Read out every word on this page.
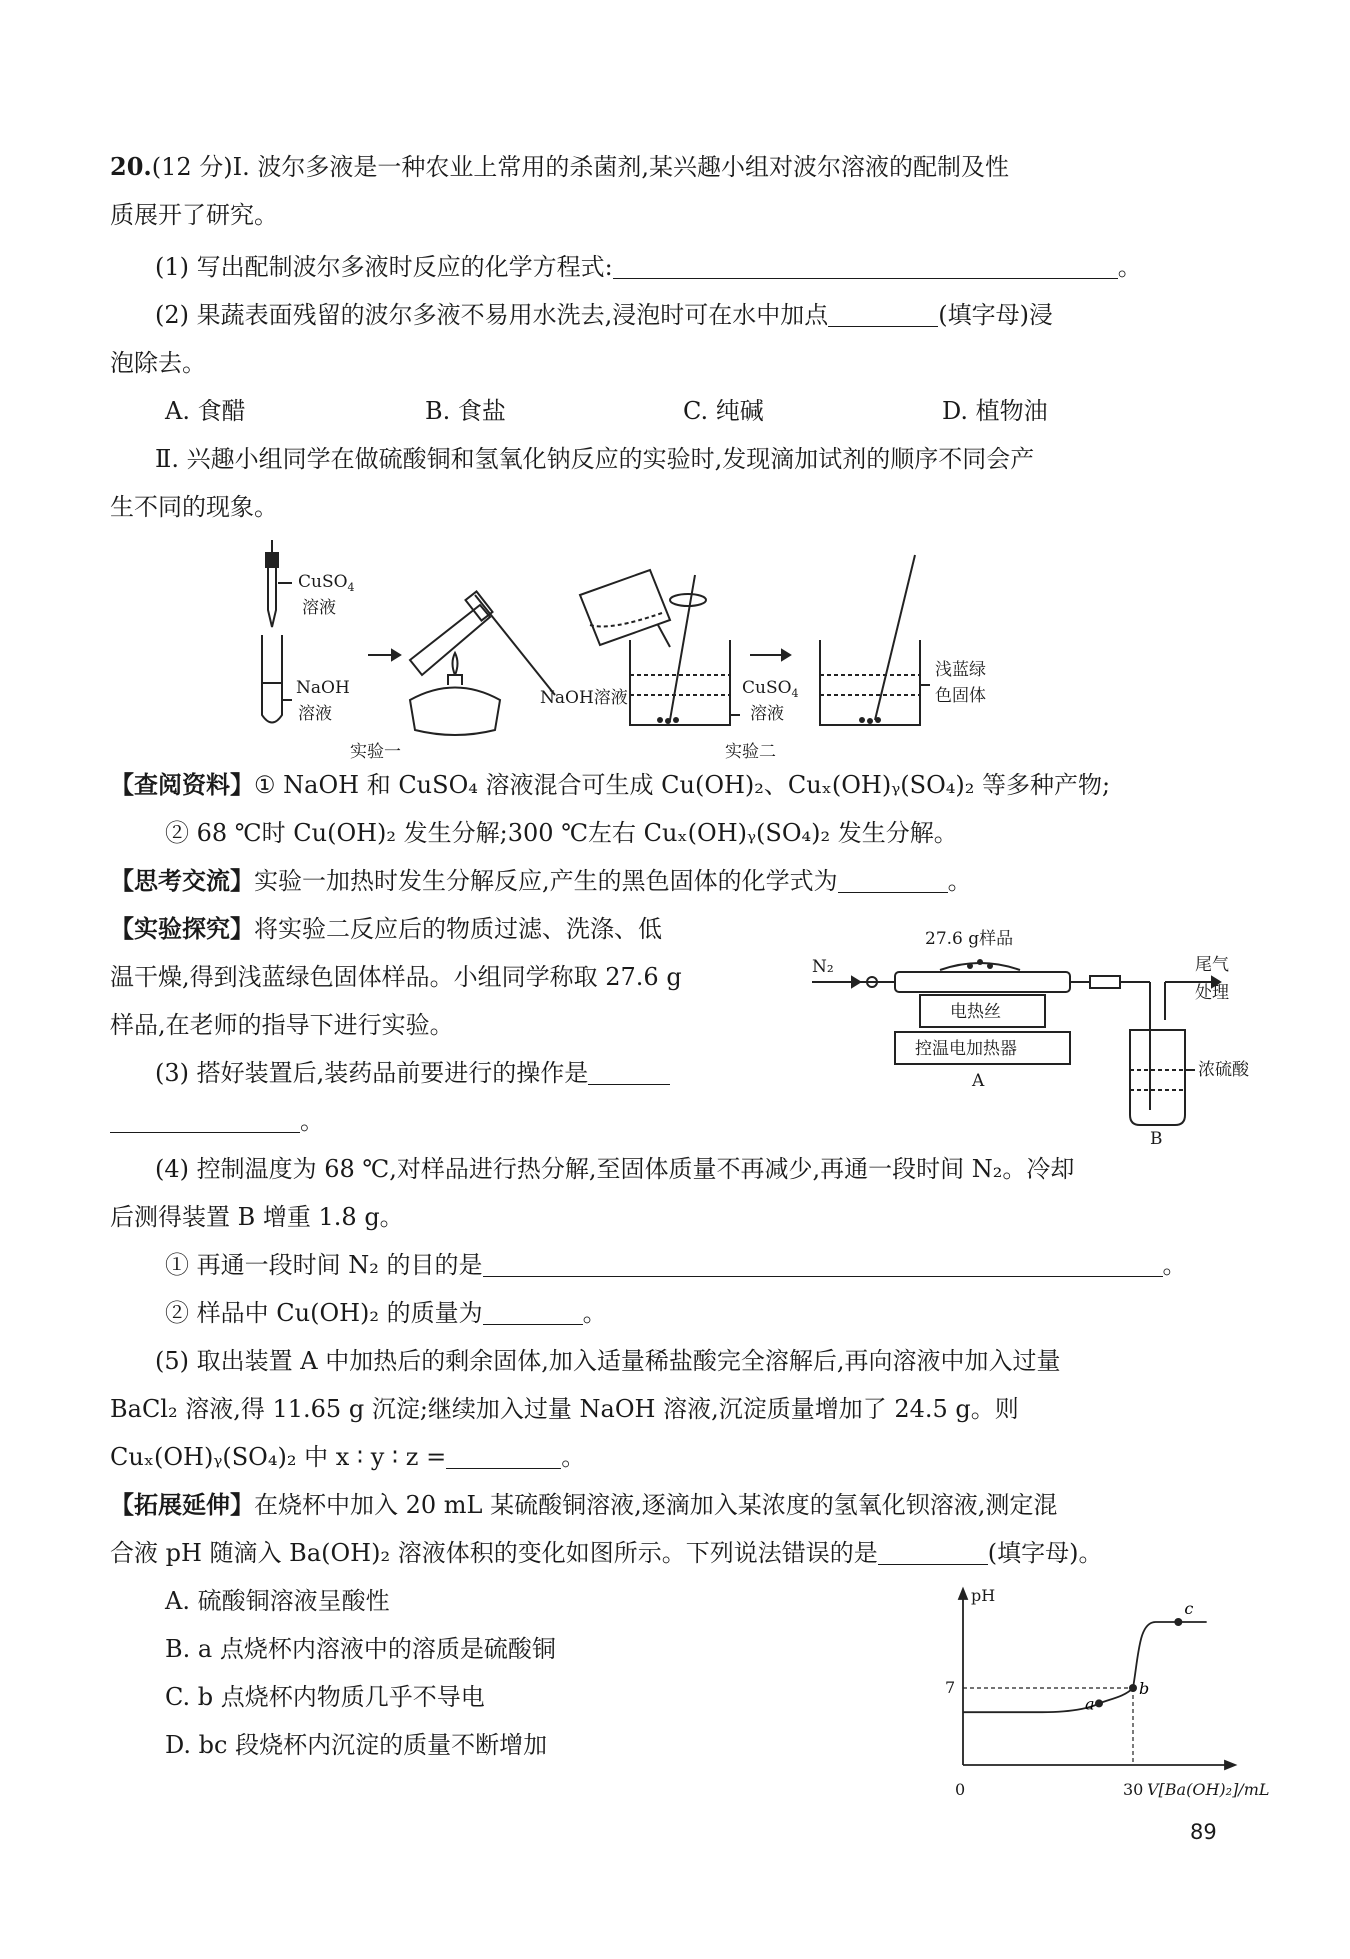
20.(12 分)Ⅰ. 波尔多液是一种农业上常用的杀菌剂,某兴趣小组对波尔溶液的配制及性
质展开了研究。
(1) 写出配制波尔多液时反应的化学方程式:	。
(2) 果蔬表面残留的波尔多液不易用水洗去,浸泡时可在水中加点	(填字母)浸
泡除去。
A. 食醋	B. 食盐	C. 纯碱	D. 植物油
Ⅱ. 兴趣小组同学在做硫酸铜和氢氧化钠反应的实验时,发现滴加试剂的顺序不同会产
生不同的现象。
CuSO$_4$
溶液
NaOH
溶液
实验一
NaOH溶液	CuSO$_4$
溶液
浅蓝绿
色固体
实验二
【查阅资料】① NaOH 和 CuSO₄ 溶液混合可生成 Cu(OH)₂、Cuₓ(OH)ᵧ(SO₄)₂ 等多种产物;
② 68 ℃时 Cu(OH)₂ 发生分解;300 ℃左右 Cuₓ(OH)ᵧ(SO₄)₂ 发生分解。
【思考交流】实验一加热时发生分解反应,产生的黑色固体的化学式为	。
【实验探究】将实验二反应后的物质过滤、洗涤、低
温干燥,得到浅蓝绿色固体样品。小组同学称取 27.6 g
样品,在老师的指导下进行实验。
(3) 搭好装置后,装药品前要进行的操作是
。
27.6 g样品
N₂
电热丝
控温电加热器
A
浓硫酸
B
尾气
处理
(4) 控制温度为 68 ℃,对样品进行热分解,至固体质量不再减少,再通一段时间 N₂。冷却
后测得装置 B 增重 1.8 g。
① 再通一段时间 N₂ 的目的是	。
② 样品中 Cu(OH)₂ 的质量为	。
(5) 取出装置 A 中加热后的剩余固体,加入适量稀盐酸完全溶解后,再向溶液中加入过量
BaCl₂ 溶液,得 11.65 g 沉淀;继续加入过量 NaOH 溶液,沉淀质量增加了 24.5 g。则
Cuₓ(OH)ᵧ(SO₄)₂ 中 x ∶ y ∶ z =	。
【拓展延伸】在烧杯中加入 20 mL 某硫酸铜溶液,逐滴加入某浓度的氢氧化钡溶液,测定混
合液 pH 随滴入 Ba(OH)₂ 溶液体积的变化如图所示。下列说法错误的是	(填字母)。
A. 硫酸铜溶液呈酸性
B. a 点烧杯内溶液中的溶质是硫酸铜
C. b 点烧杯内物质几乎不导电
D. bc 段烧杯内沉淀的质量不断增加
pH
0	30 V[Ba(OH)₂]/mL
7
a
b
c
89
